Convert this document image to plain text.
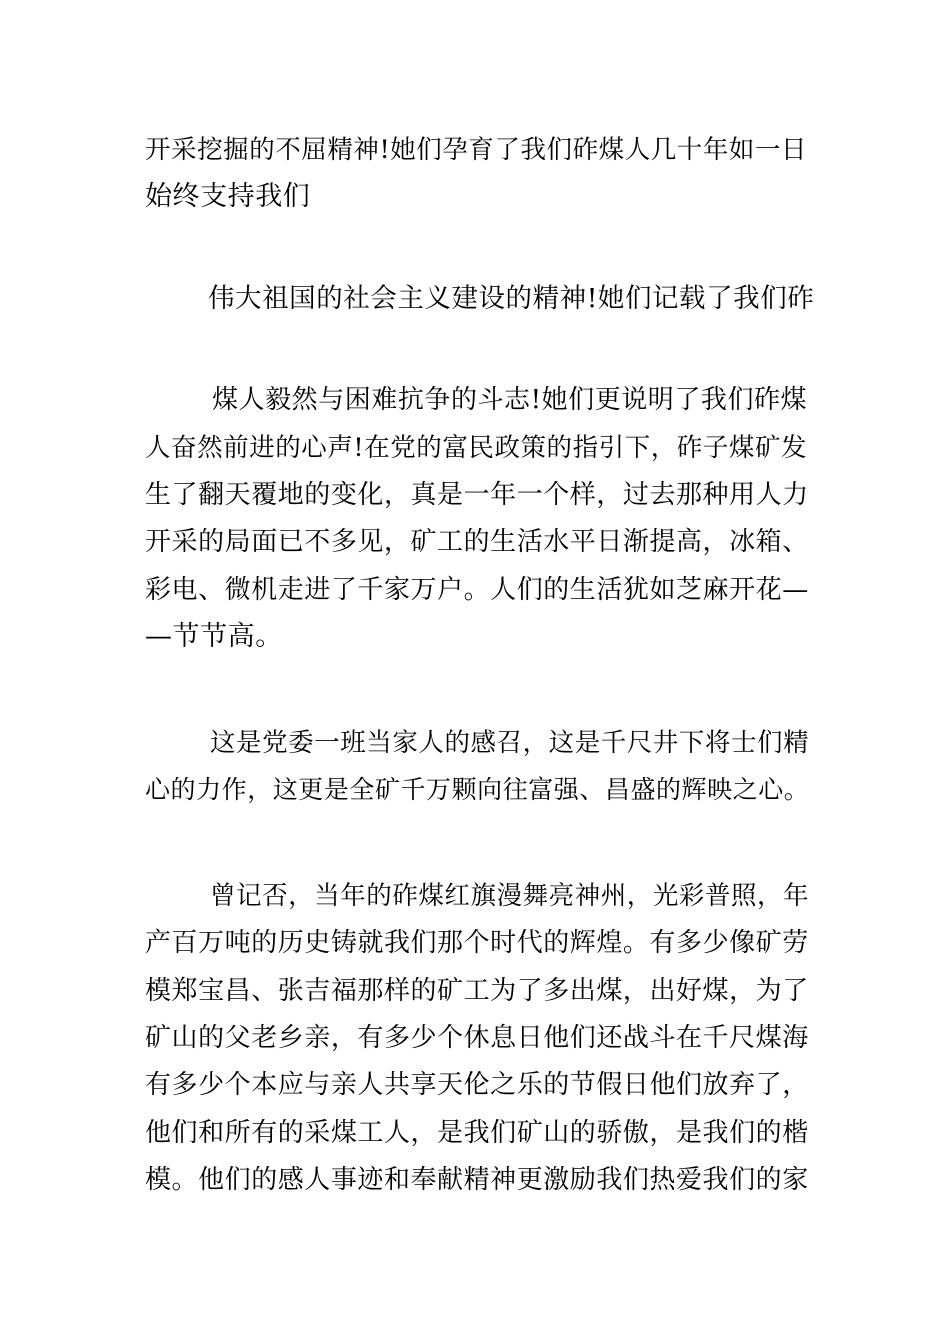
开采挖掘的不屈精神!她们孕育了我们砟煤人几十年如一日
始终支持我们
伟大祖国的社会主义建设的精神!她们记载了我们砟
煤人毅然与困难抗争的斗志!她们更说明了我们砟煤
人奋然前进的心声!在党的富民政策的指引下，砟子煤矿发
生了翻天覆地的变化，真是一年一个样，过去那种用人力
开采的局面已不多见，矿工的生活水平日渐提高，冰箱、
彩电、微机走进了千家万户。人们的生活犹如芝麻开花—
—节节高。
这是党委一班当家人的感召，这是千尺井下将士们精
心的力作，这更是全矿千万颗向往富强、昌盛的辉映之心。
曾记否，当年的砟煤红旗漫舞亮神州，光彩普照，年
产百万吨的历史铸就我们那个时代的辉煌。有多少像矿劳
模郑宝昌、张吉福那样的矿工为了多出煤，出好煤，为了
矿山的父老乡亲，有多少个休息日他们还战斗在千尺煤海
有多少个本应与亲人共享天伦之乐的节假日他们放弃了，
他们和所有的采煤工人，是我们矿山的骄傲，是我们的楷
模。他们的感人事迹和奉献精神更激励我们热爱我们的家
